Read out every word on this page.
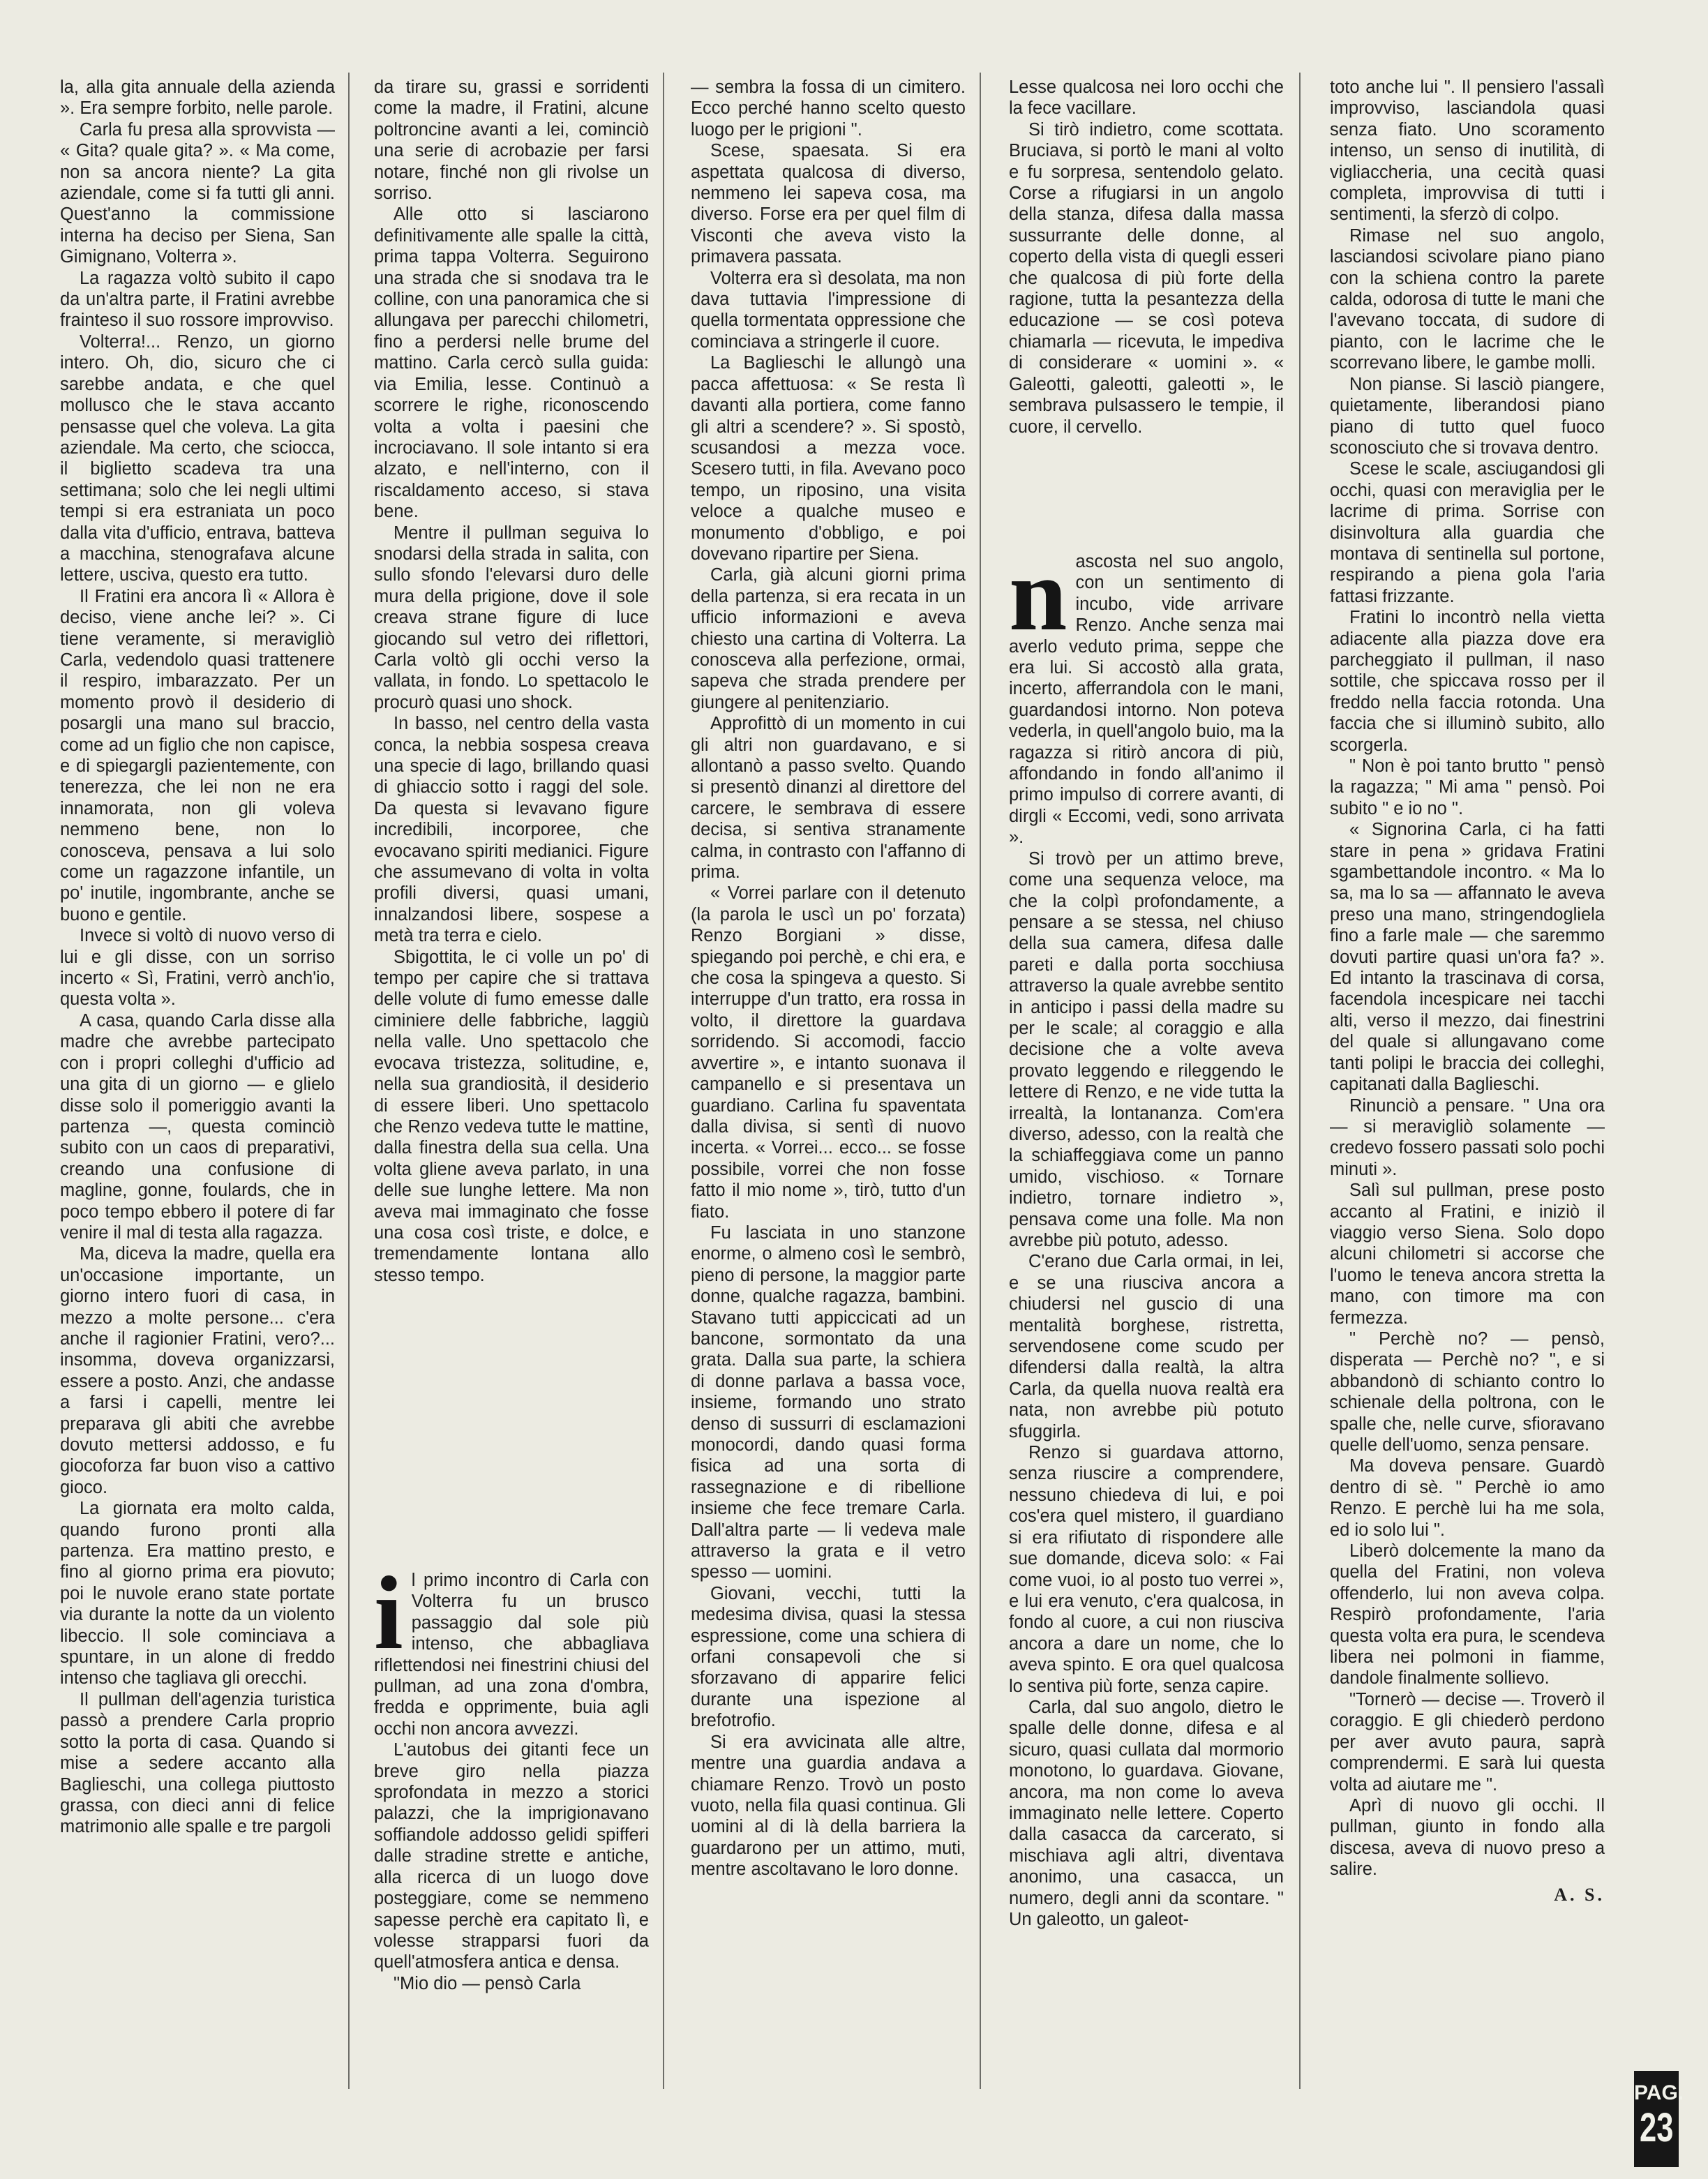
la, alla gita annuale della azienda ». Era sempre forbito, nelle parole.

Carla fu presa alla sprovvista — « Gita? quale gita? ». « Ma come, non sa ancora niente? La gita aziendale, come si fa tutti gli anni. Quest'anno la commissione interna ha deciso per Siena, San Gimignano, Volterra ».

La ragazza voltò subito il capo da un'altra parte, il Fratini avrebbe frainteso il suo rossore improvviso.

Volterra!... Renzo, un giorno intero. Oh, dio, sicuro che ci sarebbe andata, e che quel mollusco che le stava accanto pensasse quel che voleva. La gita aziendale. Ma certo, che sciocca, il biglietto scadeva tra una settimana; solo che lei negli ultimi tempi si era estraniata un poco dalla vita d'ufficio, entrava, batteva a macchina, stenografava alcune lettere, usciva, questo era tutto.

Il Fratini era ancora lì « Allora è deciso, viene anche lei? ». Ci tiene veramente, si meravigliò Carla, vedendolo quasi trattenere il respiro, imbarazzato. Per un momento provò il desiderio di posargli una mano sul braccio, come ad un figlio che non capisce, e di spiegargli pazientemente, con tenerezza, che lei non ne era innamorata, non gli voleva nemmeno bene, non lo conosceva, pensava a lui solo come un ragazzone infantile, un po' inutile, ingombrante, anche se buono e gentile.

Invece si voltò di nuovo verso di lui e gli disse, con un sorriso incerto « Sì, Fratini, verrò anch'io, questa volta ».

A casa, quando Carla disse alla madre che avrebbe partecipato con i propri colleghi d'ufficio ad una gita di un giorno — e glielo disse solo il pomeriggio avanti la partenza —, questa cominciò subito con un caos di preparativi, creando una confusione di magline, gonne, foulards, che in poco tempo ebbero il potere di far venire il mal di testa alla ragazza.

Ma, diceva la madre, quella era un'occasione importante, un giorno intero fuori di casa, in mezzo a molte persone... c'era anche il ragionier Fratini, vero?... insomma, doveva organizzarsi, essere a posto. Anzi, che andasse a farsi i capelli, mentre lei preparava gli abiti che avrebbe dovuto mettersi addosso, e fu giocoforza far buon viso a cattivo gioco.

La giornata era molto calda, quando furono pronti alla partenza. Era mattino presto, e fino al giorno prima era piovuto; poi le nuvole erano state portate via durante la notte da un violento libeccio. Il sole cominciava a spuntare, in un alone di freddo intenso che tagliava gli orecchi.

Il pullman dell'agenzia turistica passò a prendere Carla proprio sotto la porta di casa. Quando si mise a sedere accanto alla Baglieschi, una collega piuttosto grassa, con dieci anni di felice matrimonio alle spalle e tre pargoli

da tirare su, grassi e sorridenti come la madre, il Fratini, alcune poltroncine avanti a lei, cominciò una serie di acrobazie per farsi notare, finché non gli rivolse un sorriso.

Alle otto si lasciarono definitivamente alle spalle la città, prima tappa Volterra. Seguirono una strada che si snodava tra le colline, con una panoramica che si allungava per parecchi chilometri, fino a perdersi nelle brume del mattino. Carla cercò sulla guida: via Emilia, lesse. Continuò a scorrere le righe, riconoscendo volta a volta i paesini che incrociavano. Il sole intanto si era alzato, e nell'interno, con il riscaldamento acceso, si stava bene.

Mentre il pullman seguiva lo snodarsi della strada in salita, con sullo sfondo l'elevarsi duro delle mura della prigione, dove il sole creava strane figure di luce giocando sul vetro dei riflettori, Carla voltò gli occhi verso la vallata, in fondo. Lo spettacolo le procurò quasi uno shock.

In basso, nel centro della vasta conca, la nebbia sospesa creava una specie di lago, brillando quasi di ghiaccio sotto i raggi del sole. Da questa si levavano figure incredibili, incorporee, che evocavano spiriti medianici. Figure che assumevano di volta in volta profili diversi, quasi umani, innalzandosi libere, sospese a metà tra terra e cielo.

Sbigottita, le ci volle un po' di tempo per capire che si trattava delle volute di fumo emesse dalle ciminiere delle fabbriche, laggiù nella valle. Uno spettacolo che evocava tristezza, solitudine, e, nella sua grandiosità, il desiderio di essere liberi. Uno spettacolo che Renzo vedeva tutte le mattine, dalla finestra della sua cella. Una volta gliene aveva parlato, in una delle sue lunghe lettere. Ma non aveva mai immaginato che fosse una cosa così triste, e dolce, e tremendamente lontana allo stesso tempo.

i l primo incontro di Carla con Volterra fu un brusco passaggio dal sole più intenso, che abbagliava riflettendosi nei finestrini chiusi del pullman, ad una zona d'ombra, fredda e opprimente, buia agli occhi non ancora avvezzi.

L'autobus dei gitanti fece un breve giro nella piazza sprofondata in mezzo a storici palazzi, che la imprigionavano soffiandole addosso gelidi spifferi dalle stradine strette e antiche, alla ricerca di un luogo dove posteggiare, come se nemmeno sapesse perchè era capitato lì, e volesse strapparsi fuori da quell'atmosfera antica e densa.

"Mio dio — pensò Carla

— sembra la fossa di un cimitero. Ecco perché hanno scelto questo luogo per le prigioni ".

Scese, spaesata. Si era aspettata qualcosa di diverso, nemmeno lei sapeva cosa, ma diverso. Forse era per quel film di Visconti che aveva visto la primavera passata.

Volterra era sì desolata, ma non dava tuttavia l'impressione di quella tormentata oppressione che cominciava a stringerle il cuore.

La Baglieschi le allungò una pacca affettuosa: « Se resta lì davanti alla portiera, come fanno gli altri a scendere? ». Si spostò, scusandosi a mezza voce. Scesero tutti, in fila. Avevano poco tempo, un riposino, una visita veloce a qualche museo e monumento d'obbligo, e poi dovevano ripartire per Siena.

Carla, già alcuni giorni prima della partenza, si era recata in un ufficio informazioni e aveva chiesto una cartina di Volterra. La conosceva alla perfezione, ormai, sapeva che strada prendere per giungere al penitenziario.

Approfittò di un momento in cui gli altri non guardavano, e si allontanò a passo svelto. Quando si presentò dinanzi al direttore del carcere, le sembrava di essere decisa, si sentiva stranamente calma, in contrasto con l'affanno di prima.

« Vorrei parlare con il detenuto (la parola le uscì un po' forzata) Renzo Borgiani » disse, spiegando poi perchè, e chi era, e che cosa la spingeva a questo. Si interruppe d'un tratto, era rossa in volto, il direttore la guardava sorridendo. Si accomodi, faccio avvertire », e intanto suonava il campanello e si presentava un guardiano. Carlina fu spaventata dalla divisa, si sentì di nuovo incerta. « Vorrei... ecco... se fosse possibile, vorrei che non fosse fatto il mio nome », tirò, tutto d'un fiato.

Fu lasciata in uno stanzone enorme, o almeno così le sembrò, pieno di persone, la maggior parte donne, qualche ragazza, bambini. Stavano tutti appiccicati ad un bancone, sormontato da una grata. Dalla sua parte, la schiera di donne parlava a bassa voce, insieme, formando uno strato denso di sussurri di esclamazioni monocordi, dando quasi forma fisica ad una sorta di rassegnazione e di ribellione insieme che fece tremare Carla. Dall'altra parte — li vedeva male attraverso la grata e il vetro spesso — uomini.

Giovani, vecchi, tutti la medesima divisa, quasi la stessa espressione, come una schiera di orfani consapevoli che si sforzavano di apparire felici durante una ispezione al brefotrofio.

Si era avvicinata alle altre, mentre una guardia andava a chiamare Renzo. Trovò un posto vuoto, nella fila quasi continua. Gli uomini al di là della barriera la guardarono per un attimo, muti, mentre ascoltavano le loro donne.

Lesse qualcosa nei loro occhi che la fece vacillare.

Si tirò indietro, come scottata. Bruciava, si portò le mani al volto e fu sorpresa, sentendolo gelato. Corse a rifugiarsi in un angolo della stanza, difesa dalla massa sussurrante delle donne, al coperto della vista di quegli esseri che qualcosa di più forte della ragione, tutta la pesantezza della educazione — se così poteva chiamarla — ricevuta, le impediva di considerare « uomini ». « Galeotti, galeotti, galeotti », le sembrava pulsassero le tempie, il cuore, il cervello.

n ascosta nel suo angolo, con un sentimento di incubo, vide arrivare Renzo. Anche senza mai averlo veduto prima, seppe che era lui. Si accostò alla grata, incerto, afferrandola con le mani, guardandosi intorno. Non poteva vederla, in quell'angolo buio, ma la ragazza si ritirò ancora di più, affondando in fondo all'animo il primo impulso di correre avanti, di dirgli « Eccomi, vedi, sono arrivata ».

Si trovò per un attimo breve, come una sequenza veloce, ma che la colpì profondamente, a pensare a se stessa, nel chiuso della sua camera, difesa dalle pareti e dalla porta socchiusa attraverso la quale avrebbe sentito in anticipo i passi della madre su per le scale; al coraggio e alla decisione che a volte aveva provato leggendo e rileggendo le lettere di Renzo, e ne vide tutta la irrealtà, la lontananza. Com'era diverso, adesso, con la realtà che la schiaffeggiava come un panno umido, vischioso. « Tornare indietro, tornare indietro », pensava come una folle. Ma non avrebbe più potuto, adesso.

C'erano due Carla ormai, in lei, e se una riusciva ancora a chiudersi nel guscio di una mentalità borghese, ristretta, servendosene come scudo per difendersi dalla realtà, la altra Carla, da quella nuova realtà era nata, non avrebbe più potuto sfuggirla.

Renzo si guardava attorno, senza riuscire a comprendere, nessuno chiedeva di lui, e poi cos'era quel mistero, il guardiano si era rifiutato di rispondere alle sue domande, diceva solo: « Fai come vuoi, io al posto tuo verrei », e lui era venuto, c'era qualcosa, in fondo al cuore, a cui non riusciva ancora a dare un nome, che lo aveva spinto. E ora quel qualcosa lo sentiva più forte, senza capire.

Carla, dal suo angolo, dietro le spalle delle donne, difesa e al sicuro, quasi cullata dal mormorio monotono, lo guardava. Giovane, ancora, ma non come lo aveva immaginato nelle lettere. Coperto dalla casacca da carcerato, si mischiava agli altri, diventava anonimo, una casacca, un numero, degli anni da scontare. " Un galeotto, un galeot-

toto anche lui ". Il pensiero l'assalì improvviso, lasciandola quasi senza fiato. Uno scoramento intenso, un senso di inutilità, di vigliaccheria, una cecità quasi completa, improvvisa di tutti i sentimenti, la sferzò di colpo.

Rimase nel suo angolo, lasciandosi scivolare piano piano con la schiena contro la parete calda, odorosa di tutte le mani che l'avevano toccata, di sudore di pianto, con le lacrime che le scorrevano libere, le gambe molli.

Non pianse. Si lasciò piangere, quietamente, liberandosi piano piano di tutto quel fuoco sconosciuto che si trovava dentro.

Scese le scale, asciugandosi gli occhi, quasi con meraviglia per le lacrime di prima. Sorrise con disinvoltura alla guardia che montava di sentinella sul portone, respirando a piena gola l'aria fattasi frizzante.

Fratini lo incontrò nella vietta adiacente alla piazza dove era parcheggiato il pullman, il naso sottile, che spiccava rosso per il freddo nella faccia rotonda. Una faccia che si illuminò subito, allo scorgerla.

" Non è poi tanto brutto " pensò la ragazza; " Mi ama " pensò. Poi subito " e io no ".

« Signorina Carla, ci ha fatti stare in pena » gridava Fratini sgambettandole incontro. « Ma lo sa, ma lo sa — affannato le aveva preso una mano, stringendogliela fino a farle male — che saremmo dovuti partire quasi un'ora fa? ». Ed intanto la trascinava di corsa, facendola incespicare nei tacchi alti, verso il mezzo, dai finestrini del quale si allungavano come tanti polipi le braccia dei colleghi, capitanati dalla Baglieschi.

Rinunciò a pensare. " Una ora — si meravigliò solamente — credevo fossero passati solo pochi minuti ».

Salì sul pullman, prese posto accanto al Fratini, e iniziò il viaggio verso Siena. Solo dopo alcuni chilometri si accorse che l'uomo le teneva ancora stretta la mano, con timore ma con fermezza.

" Perchè no? — pensò, disperata — Perchè no? ", e si abbandonò di schianto contro lo schienale della poltrona, con le spalle che, nelle curve, sfioravano quelle dell'uomo, senza pensare.

Ma doveva pensare. Guardò dentro di sè. " Perchè io amo Renzo. E perchè lui ha me sola, ed io solo lui ".

Liberò dolcemente la mano da quella del Fratini, non voleva offenderlo, lui non aveva colpa. Respirò profondamente, l'aria questa volta era pura, le scendeva libera nei polmoni in fiamme, dandole finalmente sollievo.

"Tornerò — decise —. Troverò il coraggio. E gli chiederò perdono per aver avuto paura, saprà comprendermi. E sarà lui questa volta ad aiutare me ".

Aprì di nuovo gli occhi. Il pullman, giunto in fondo alla discesa, aveva di nuovo preso a salire.

A. S.
PAG.
23
